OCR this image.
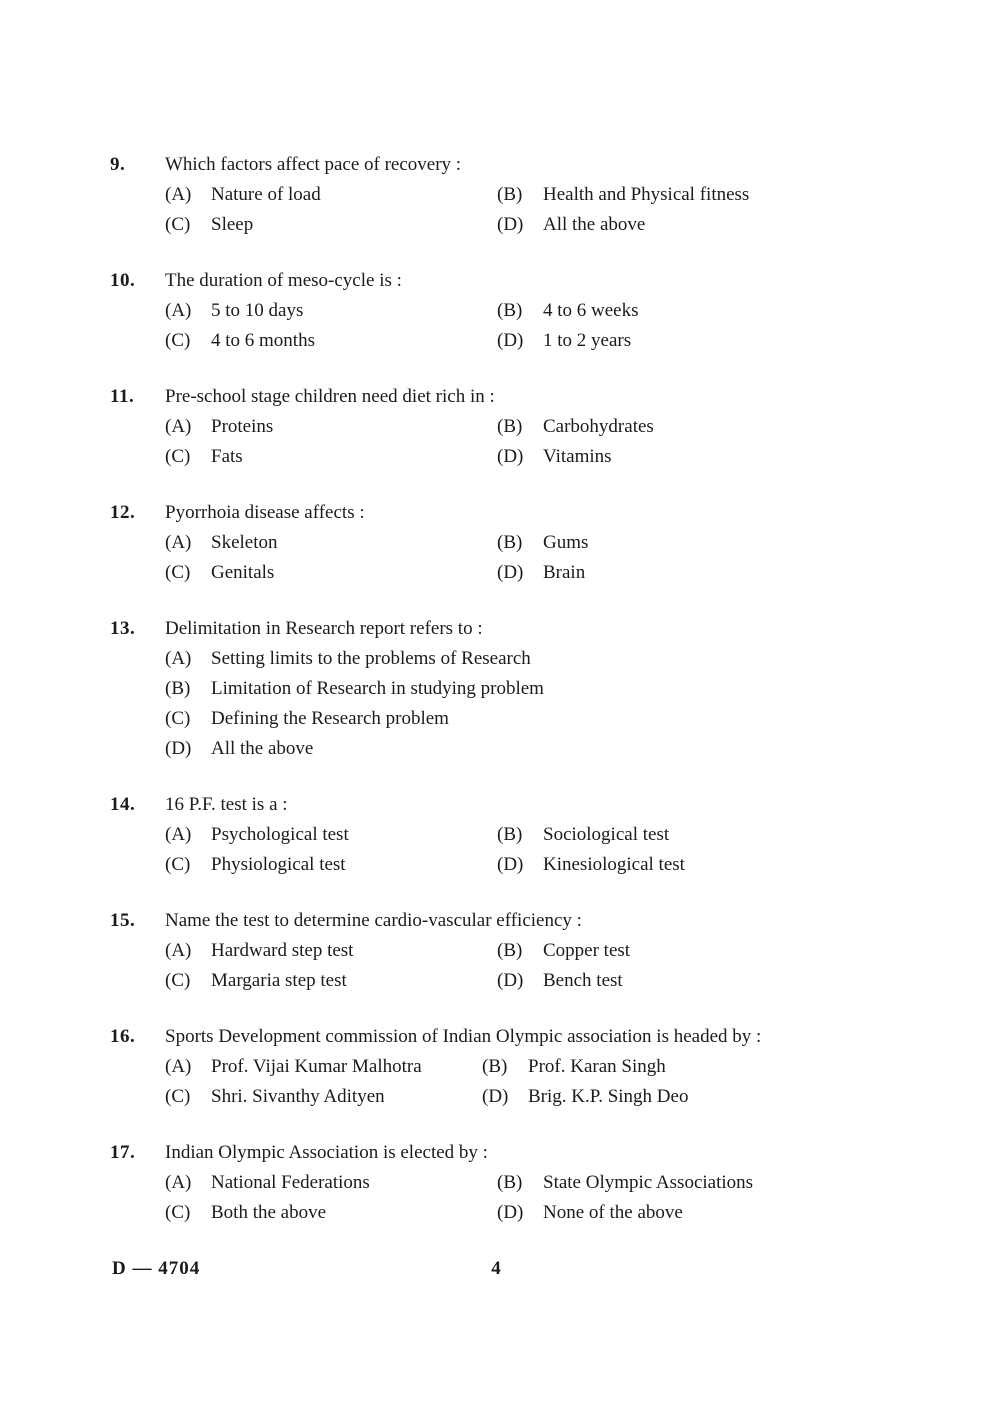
9.	Which factors affect pace of recovery :
(A)	Nature of load	(B)	Health and Physical fitness
(C)	Sleep	(D)	All the above
10.	The duration of meso-cycle is :
(A)	5 to 10 days	(B)	4 to 6 weeks
(C)	4 to 6 months	(D)	1 to 2 years
11.	Pre-school stage children need diet rich in :
(A)	Proteins	(B)	Carbohydrates
(C)	Fats	(D)	Vitamins
12.	Pyorrhoia disease affects :
(A)	Skeleton	(B)	Gums
(C)	Genitals	(D)	Brain
13.	Delimitation in Research report refers to :
(A)	Setting limits to the problems of Research
(B)	Limitation of Research in studying problem
(C)	Defining the Research problem
(D)	All the above
14.	16 P.F. test is a :
(A)	Psychological test	(B)	Sociological test
(C)	Physiological test	(D)	Kinesiological test
15.	Name the test to determine cardio-vascular efficiency :
(A)	Hardward step test	(B)	Copper test
(C)	Margaria step test	(D)	Bench test
16.	Sports Development commission of Indian Olympic association is headed by :
(A)	Prof. Vijai Kumar Malhotra	(B)	Prof. Karan Singh
(C)	Shri. Sivanthy Adityen	(D)	Brig. K.P. Singh Deo
17.	Indian Olympic Association is elected by :
(A)	National Federations	(B)	State Olympic Associations
(C)	Both the above	(D)	None of the above
D — 4704	4
